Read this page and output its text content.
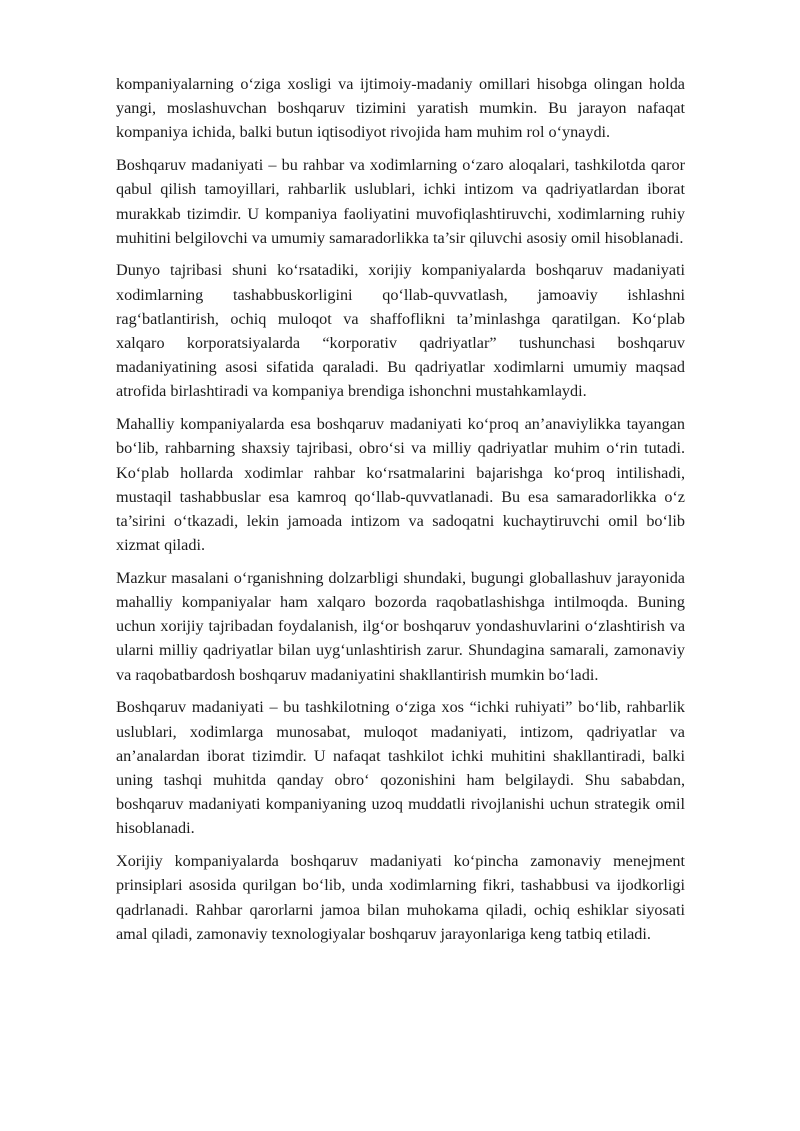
kompaniyalarning o‘ziga xosligi va ijtimoiy-madaniy omillari hisobga olingan holda yangi, moslashuvchan boshqaruv tizimini yaratish mumkin. Bu jarayon nafaqat kompaniya ichida, balki butun iqtisodiyot rivojida ham muhim rol o‘ynaydi.

Boshqaruv madaniyati – bu rahbar va xodimlarning o‘zaro aloqalari, tashkilotda qaror qabul qilish tamoyillari, rahbarlik uslublari, ichki intizom va qadriyatlardan iborat murakkab tizimdir. U kompaniya faoliyatini muvofiqlashtiruvchi, xodimlarning ruhiy muhitini belgilovchi va umumiy samaradorlikka ta’sir qiluvchi asosiy omil hisoblanadi.

Dunyo tajribasi shuni ko‘rsatadiki, xorijiy kompaniyalarda boshqaruv madaniyati xodimlarning tashabbuskorligini qo‘llab-quvvatlash, jamoaviy ishlashni rag‘batlantirish, ochiq muloqot va shaffoflikni ta’minlashga qaratilgan. Ko‘plab xalqaro korporatsiyalarda “korporativ qadriyatlar” tushunchasi boshqaruv madaniyatining asosi sifatida qaraladi. Bu qadriyatlar xodimlarni umumiy maqsad atrofida birlashtiradi va kompaniya brendiga ishonchni mustahkamlaydi.

Mahalliy kompaniyalarda esa boshqaruv madaniyati ko‘proq an’anaviylikka tayangan bo‘lib, rahbarning shaxsiy tajribasi, obro‘si va milliy qadriyatlar muhim o‘rin tutadi. Ko‘plab hollarda xodimlar rahbar ko‘rsatmalarini bajarishga ko‘proq intilishadi, mustaqil tashabbuslar esa kamroq qo‘llab-quvvatlanadi. Bu esa samaradorlikka o‘z ta’sirini o‘tkazadi, lekin jamoada intizom va sadoqatni kuchaytiruvchi omil bo‘lib xizmat qiladi.

Mazkur masalani o‘rganishning dolzarbligi shundaki, bugungi globallashuv jarayonida mahalliy kompaniyalar ham xalqaro bozorda raqobatlashishga intilmoqda. Buning uchun xorijiy tajribadan foydalanish, ilg‘or boshqaruv yondashuvlarini o‘zlashtirish va ularni milliy qadriyatlar bilan uyg‘unlashtirish zarur. Shundagina samarali, zamonaviy va raqobatbardosh boshqaruv madaniyatini shakllantirish mumkin bo‘ladi.

Boshqaruv madaniyati – bu tashkilotning o‘ziga xos “ichki ruhiyati” bo‘lib, rahbarlik uslublari, xodimlarga munosabat, muloqot madaniyati, intizom, qadriyatlar va an’analardan iborat tizimdir. U nafaqat tashkilot ichki muhitini shakllantiradi, balki uning tashqi muhitda qanday obro‘ qozonishini ham belgilaydi. Shu sababdan, boshqaruv madaniyati kompaniyaning uzoq muddatli rivojlanishi uchun strategik omil hisoblanadi.

Xorijiy kompaniyalarda boshqaruv madaniyati ko‘pincha zamonaviy menejment prinsiplari asosida qurilgan bo‘lib, unda xodimlarning fikri, tashabbusi va ijodkorligi qadrlanadi. Rahbar qarorlarni jamoa bilan muhokama qiladi, ochiq eshiklar siyosati amal qiladi, zamonaviy texnologiyalar boshqaruv jarayonlariga keng tatbiq etiladi.
